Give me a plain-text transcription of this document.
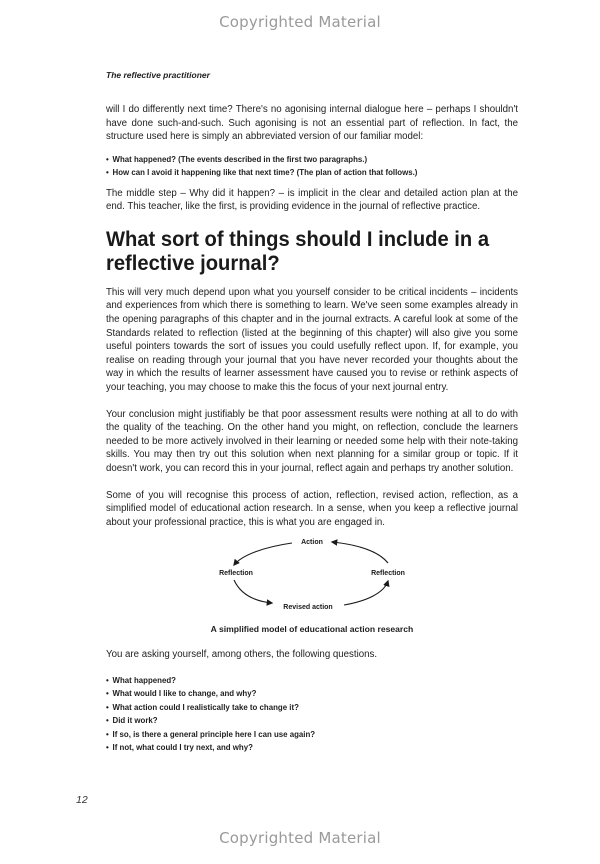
Copyrighted Material
The reflective practitioner

will I do differently next time? There's no agonising internal dialogue here – perhaps I shouldn't have done such-and-such. Such agonising is not an essential part of reflection. In fact, the structure used here is simply an abbreviated version of our familiar model:

• What happened? (The events described in the first two paragraphs.)
• How can I avoid it happening like that next time? (The plan of action that follows.)

The middle step – Why did it happen? – is implicit in the clear and detailed action plan at the end. This teacher, like the first, is providing evidence in the journal of reflective practice.

What sort of things should I include in a reflective journal?

This will very much depend upon what you yourself consider to be critical incidents – incidents and experiences from which there is something to learn. We've seen some examples already in the opening paragraphs of this chapter and in the journal extracts. A careful look at some of the Standards related to reflection (listed at the beginning of this chapter) will also give you some useful pointers towards the sort of issues you could usefully reflect upon. If, for example, you realise on reading through your journal that you have never recorded your thoughts about the way in which the results of learner assessment have caused you to revise or rethink aspects of your teaching, you may choose to make this the focus of your next journal entry.

Your conclusion might justifiably be that poor assessment results were nothing at all to do with the quality of the teaching. On the other hand you might, on reflection, conclude the learners needed to be more actively involved in their learning or needed some help with their note-taking skills. You may then try out this solution when next planning for a similar group or topic. If it doesn't work, you can record this in your journal, reflect again and perhaps try another solution.

Some of you will recognise this process of action, reflection, revised action, reflection, as a simplified model of educational action research. In a sense, when you keep a reflective journal about your professional practice, this is what you are engaged in.

Action
Reflection	Reflection
Revised action
A simplified model of educational action research

You are asking yourself, among others, the following questions.

• What happened?
• What would I like to change, and why?
• What action could I realistically take to change it?
• Did it work?
• If so, is there a general principle here I can use again?
• If not, what could I try next, and why?
12
Copyrighted Material
